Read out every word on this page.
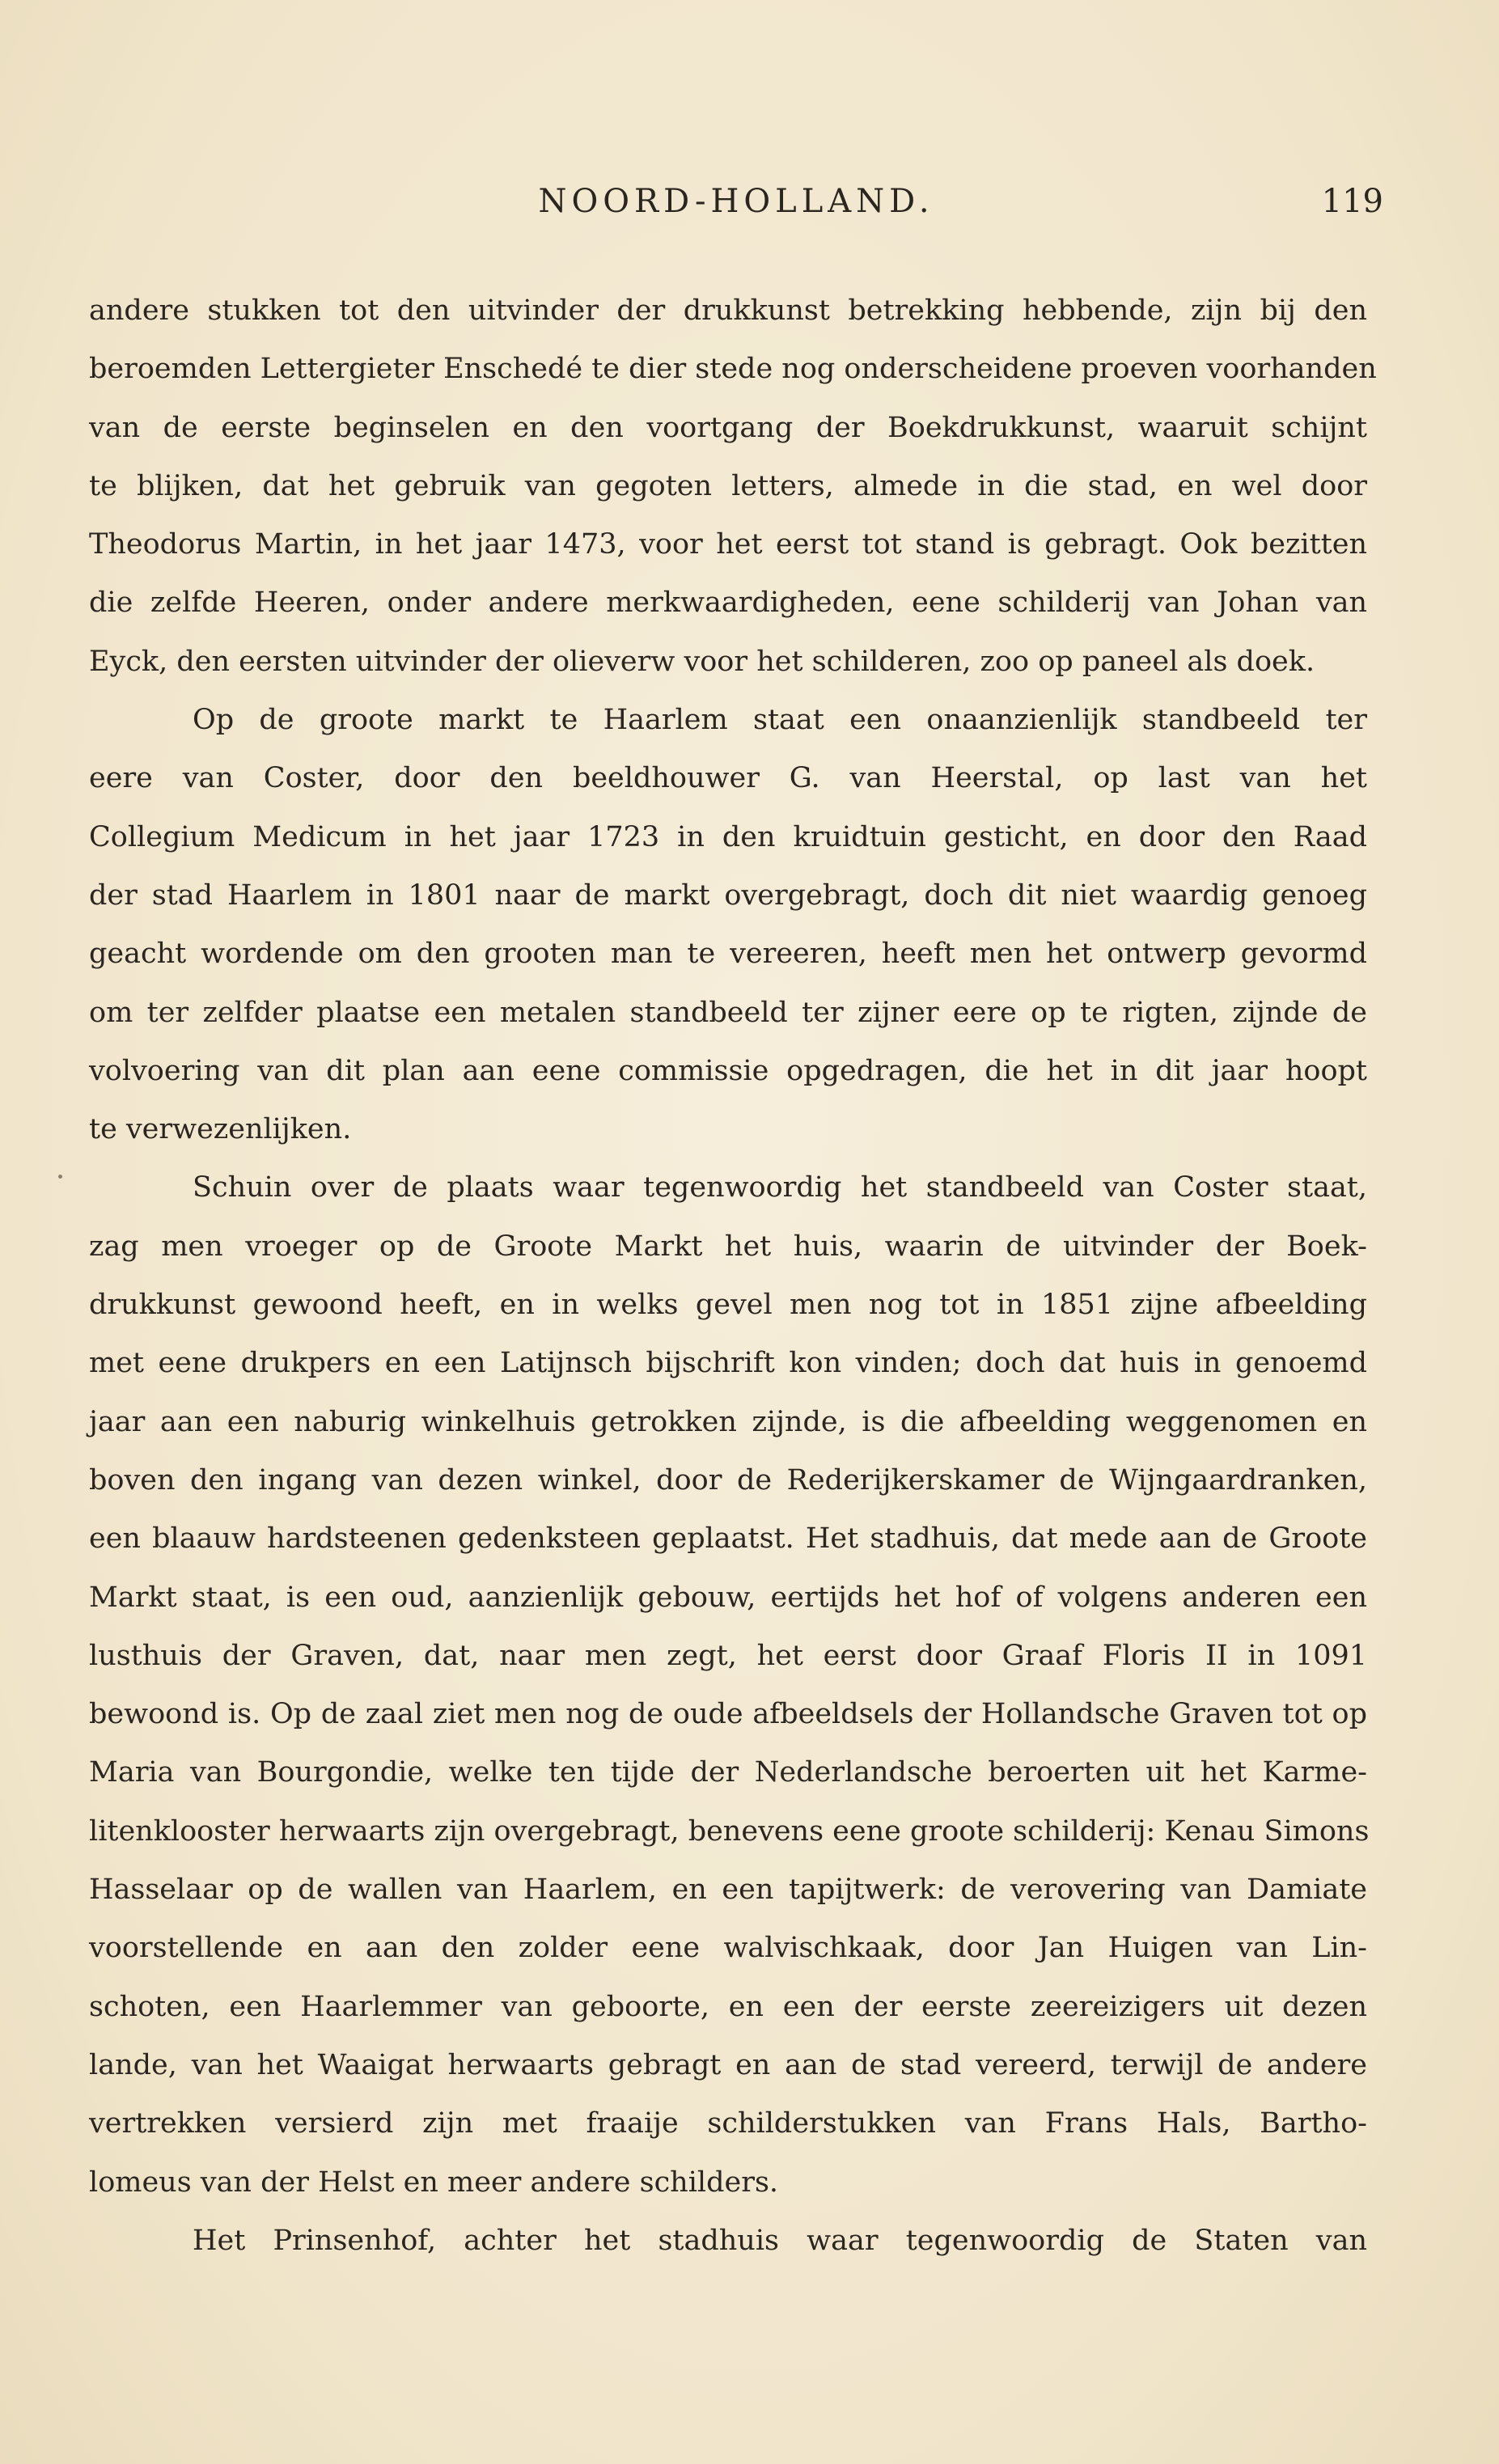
NOORD-HOLLAND.	119
andere stukken tot den uitvinder der drukkunst betrekking hebbende, zijn bij den
beroemden Lettergieter Enschedé te dier stede nog onderscheidene proeven voorhanden
van de eerste beginselen en den voortgang der Boekdrukkunst, waaruit schijnt
te blijken, dat het gebruik van gegoten letters, almede in die stad, en wel door
Theodorus Martin, in het jaar 1473, voor het eerst tot stand is gebragt. Ook bezitten
die zelfde Heeren, onder andere merkwaardigheden, eene schilderij van Johan van
Eyck, den eersten uitvinder der olieverw voor het schilderen, zoo op paneel als doek.
Op de groote markt te Haarlem staat een onaanzienlijk standbeeld ter
eere van Coster, door den beeldhouwer G. van Heerstal, op last van het
Collegium Medicum in het jaar 1723 in den kruidtuin gesticht, en door den Raad
der stad Haarlem in 1801 naar de markt overgebragt, doch dit niet waardig genoeg
geacht wordende om den grooten man te vereeren, heeft men het ontwerp gevormd
om ter zelfder plaatse een metalen standbeeld ter zijner eere op te rigten, zijnde de
volvoering van dit plan aan eene commissie opgedragen, die het in dit jaar hoopt
te verwezenlijken.
Schuin over de plaats waar tegenwoordig het standbeeld van Coster staat,
zag men vroeger op de Groote Markt het huis, waarin de uitvinder der Boek-
drukkunst gewoond heeft, en in welks gevel men nog tot in 1851 zijne afbeelding
met eene drukpers en een Latijnsch bijschrift kon vinden; doch dat huis in genoemd
jaar aan een naburig winkelhuis getrokken zijnde, is die afbeelding weggenomen en
boven den ingang van dezen winkel, door de Rederijkerskamer de Wijngaardranken,
een blaauw hardsteenen gedenksteen geplaatst. Het stadhuis, dat mede aan de Groote
Markt staat, is een oud, aanzienlijk gebouw, eertijds het hof of volgens anderen een
lusthuis der Graven, dat, naar men zegt, het eerst door Graaf Floris II in 1091
bewoond is. Op de zaal ziet men nog de oude afbeeldsels der Hollandsche Graven tot op
Maria van Bourgondie, welke ten tijde der Nederlandsche beroerten uit het Karme-
litenklooster herwaarts zijn overgebragt, benevens eene groote schilderij: Kenau Simons
Hasselaar op de wallen van Haarlem, en een tapijtwerk: de verovering van Damiate
voorstellende en aan den zolder eene walvischkaak, door Jan Huigen van Lin-
schoten, een Haarlemmer van geboorte, en een der eerste zeereizigers uit dezen
lande, van het Waaigat herwaarts gebragt en aan de stad vereerd, terwijl de andere
vertrekken versierd zijn met fraaije schilderstukken van Frans Hals, Bartho-
lomeus van der Helst en meer andere schilders.
Het Prinsenhof, achter het stadhuis waar tegenwoordig de Staten van
